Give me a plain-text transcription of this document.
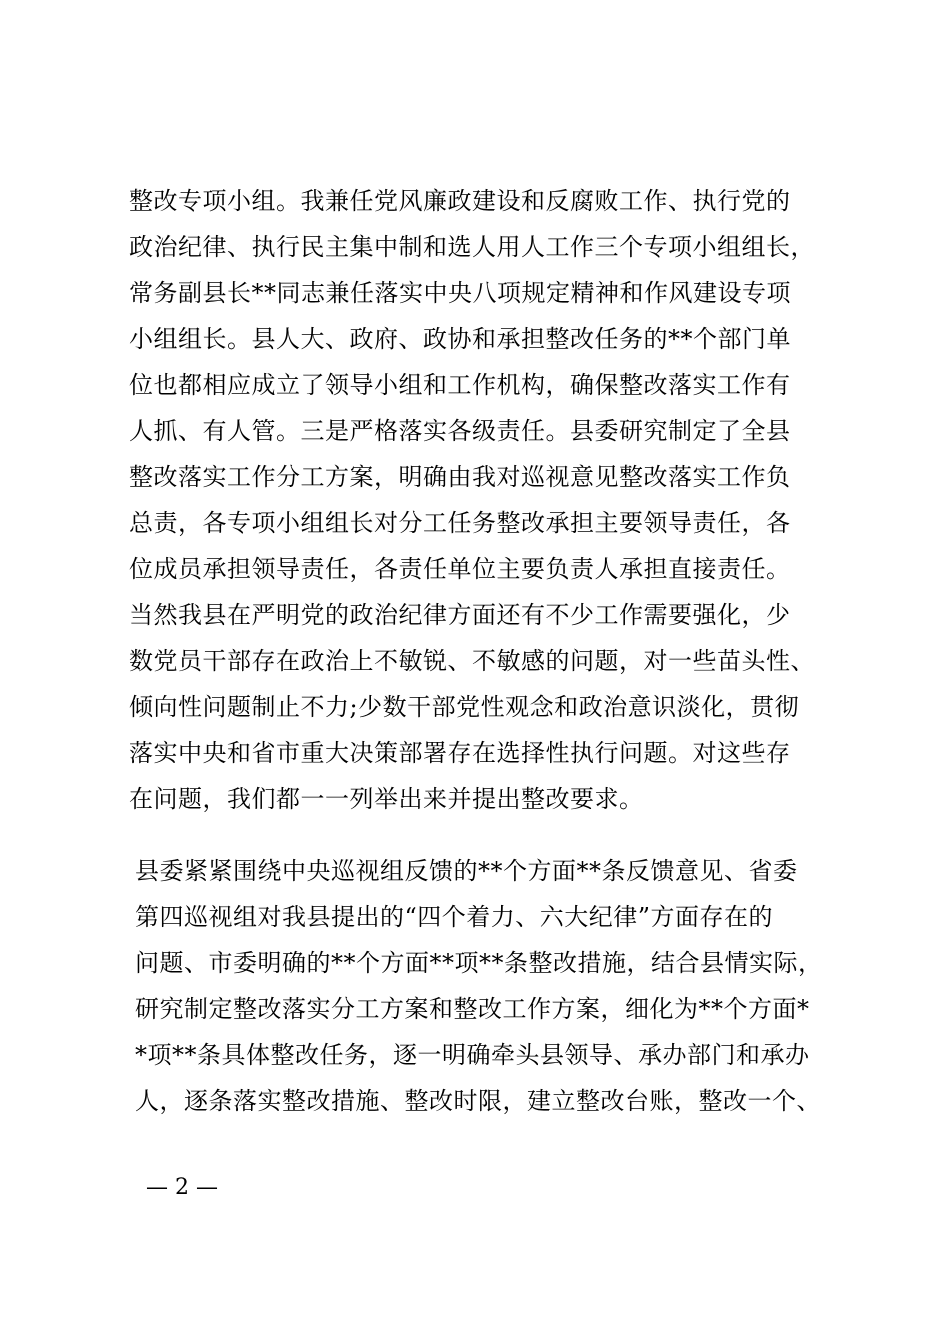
整改专项小组。我兼任党风廉政建设和反腐败工作、执行党的
政治纪律、执行民主集中制和选人用人工作三个专项小组组长，
常务副县长**同志兼任落实中央八项规定精神和作风建设专项
小组组长。县人大、政府、政协和承担整改任务的**个部门单
位也都相应成立了领导小组和工作机构，确保整改落实工作有
人抓、有人管。三是严格落实各级责任。县委研究制定了全县
整改落实工作分工方案，明确由我对巡视意见整改落实工作负
总责，各专项小组组长对分工任务整改承担主要领导责任，各
位成员承担领导责任，各责任单位主要负责人承担直接责任。
当然我县在严明党的政治纪律方面还有不少工作需要强化，少
数党员干部存在政治上不敏锐、不敏感的问题，对一些苗头性、
倾向性问题制止不力;少数干部党性观念和政治意识淡化，贯彻
落实中央和省市重大决策部署存在选择性执行问题。对这些存
在问题，我们都一一列举出来并提出整改要求。
县委紧紧围绕中央巡视组反馈的**个方面**条反馈意见、省委
第四巡视组对我县提出的“四个着力、六大纪律”方面存在的
问题、市委明确的**个方面**项**条整改措施，结合县情实际，
研究制定整改落实分工方案和整改工作方案，细化为**个方面*
*项**条具体整改任务，逐一明确牵头县领导、承办部门和承办
人，逐条落实整改措施、整改时限，建立整改台账，整改一个、
— 2 —
